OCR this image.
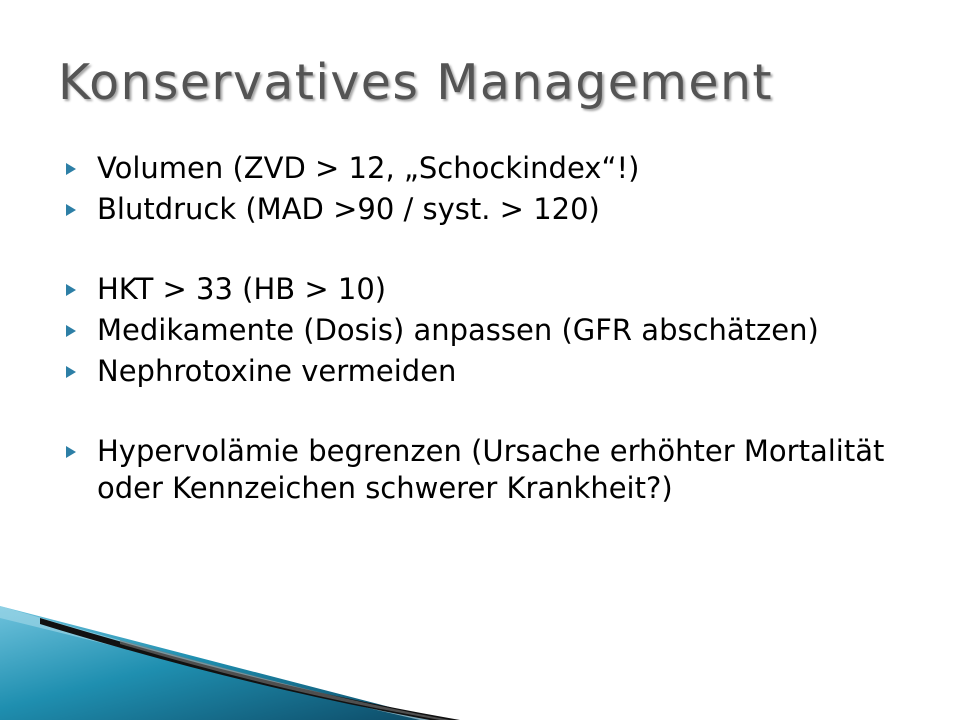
Konservatives Management
Volumen (ZVD > 12, „Schockindex“!)
Blutdruck (MAD >90 / syst. > 120)
HKT > 33 (HB > 10)
Medikamente (Dosis) anpassen (GFR abschätzen)
Nephrotoxine vermeiden
Hypervolämie begrenzen (Ursache erhöhter Mortalität oder Kennzeichen schwerer Krankheit?)
